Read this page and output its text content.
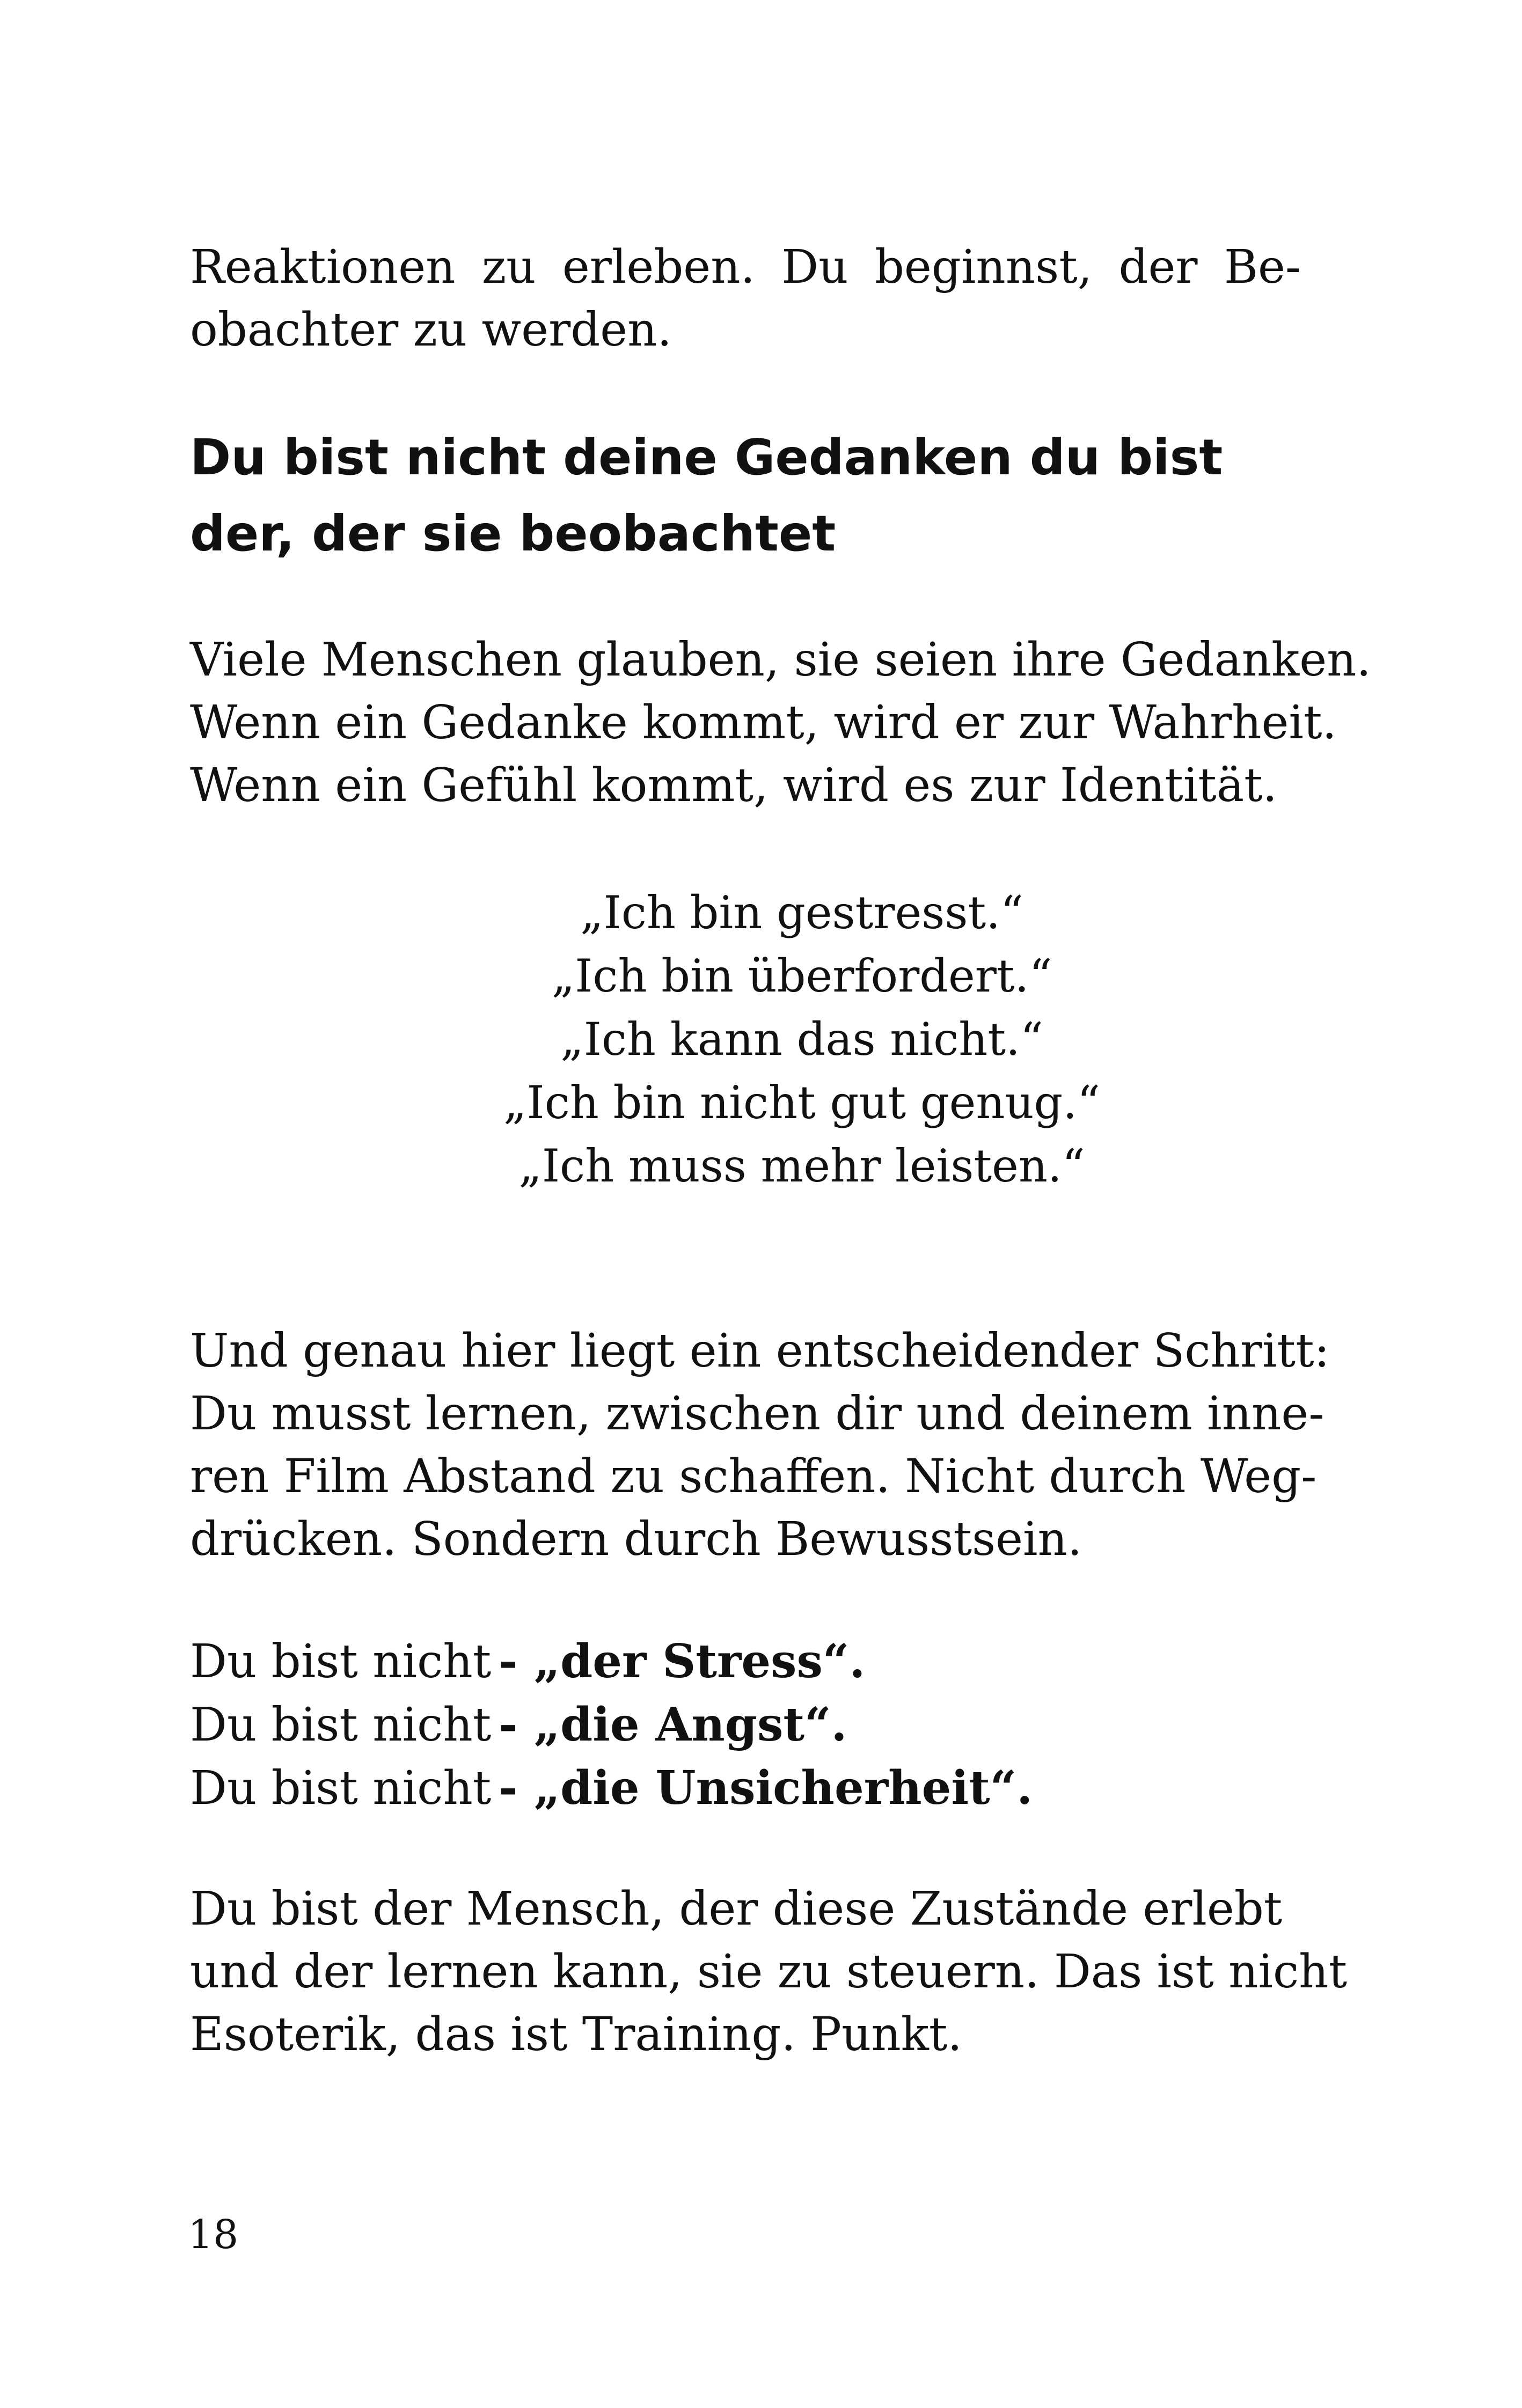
Reaktionen zu erleben. Du beginnst, der Be-
obachter zu werden.
Du bist nicht deine Gedanken du bist
der, der sie beobachtet
Viele Menschen glauben, sie seien ihre Gedanken.
Wenn ein Gedanke kommt, wird er zur Wahrheit.
Wenn ein Gefühl kommt, wird es zur Identität.
„Ich bin gestresst.“
„Ich bin überfordert.“
„Ich kann das nicht.“
„Ich bin nicht gut genug.“
„Ich muss mehr leisten.“
Und genau hier liegt ein entscheidender Schritt:
Du musst lernen, zwischen dir und deinem inne-
ren Film Abstand zu schaffen. Nicht durch Weg-
drücken. Sondern durch Bewusstsein.
Du bist nicht - „der Stress“.
Du bist nicht - „die Angst“.
Du bist nicht - „die Unsicherheit“.
Du bist der Mensch, der diese Zustände erlebt
und der lernen kann, sie zu steuern. Das ist nicht
Esoterik, das ist Training. Punkt.
18
